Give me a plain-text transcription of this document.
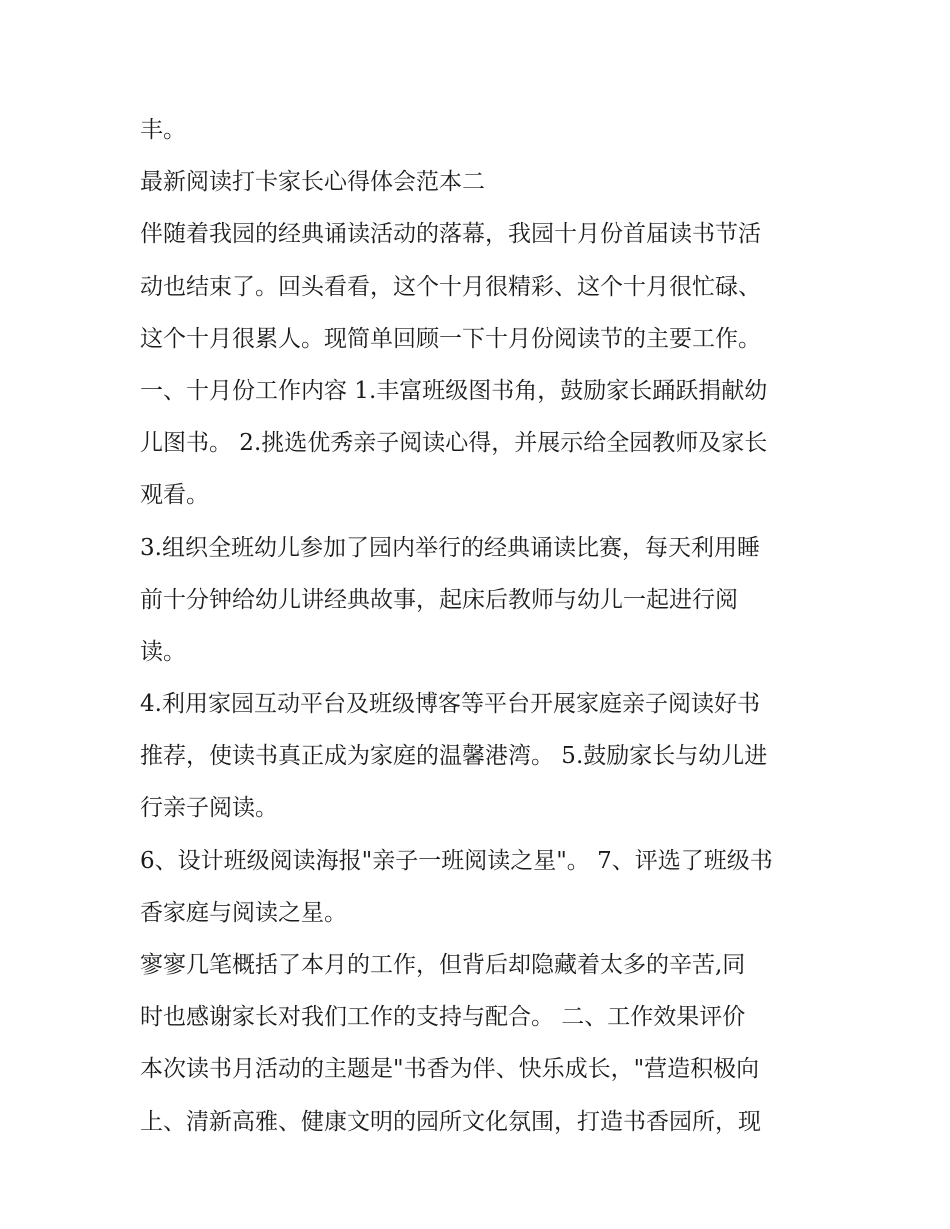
丰。
最新阅读打卡家长心得体会范本二
伴随着我园的经典诵读活动的落幕，我园十月份首届读书节活
动也结束了。回头看看，这个十月很精彩、这个十月很忙碌、
这个十月很累人。现简单回顾一下十月份阅读节的主要工作。
一、十月份工作内容 1.丰富班级图书角，鼓励家长踊跃捐献幼
儿图书。 2.挑选优秀亲子阅读心得，并展示给全园教师及家长
观看。
3.组织全班幼儿参加了园内举行的经典诵读比赛，每天利用睡
前十分钟给幼儿讲经典故事，起床后教师与幼儿一起进行阅
读。
4.利用家园互动平台及班级博客等平台开展家庭亲子阅读好书
推荐，使读书真正成为家庭的温馨港湾。 5.鼓励家长与幼儿进
行亲子阅读。
6、设计班级阅读海报"亲子一班阅读之星"。 7、评选了班级书
香家庭与阅读之星。
寥寥几笔概括了本月的工作，但背后却隐藏着太多的辛苦,同
时也感谢家长对我们工作的支持与配合。 二、工作效果评价
本次读书月活动的主题是"书香为伴、快乐成长，"营造积极向
上、清新高雅、健康文明的园所文化氛围，打造书香园所，现
